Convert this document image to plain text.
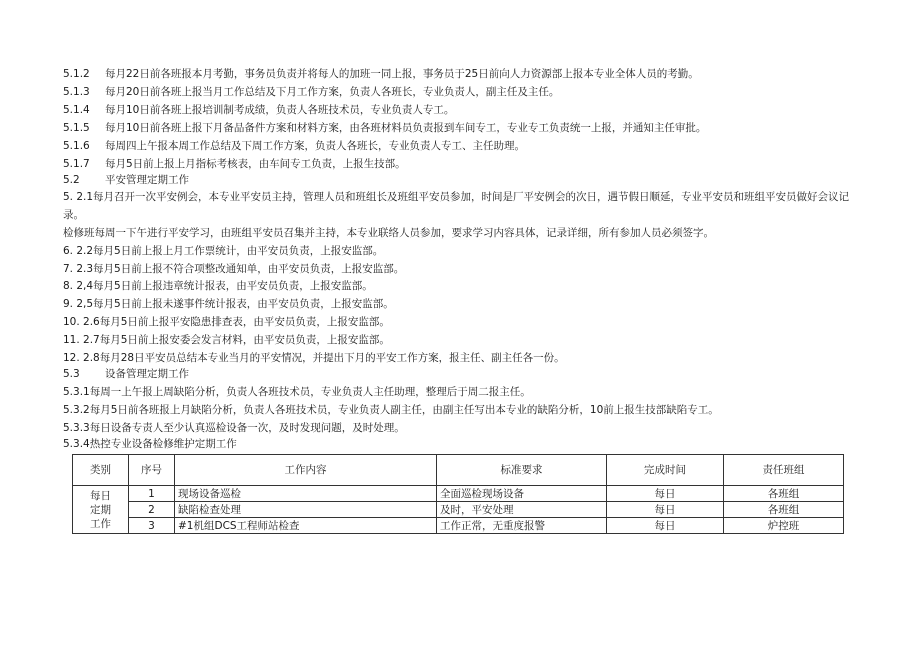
5.1.2 每月22日前各班报本月考勤，事务员负责并将每人的加班一同上报，事务员于25日前向人力资源部上报本专业全体人员的考勤。
5.1.3 每月20日前各班上报当月工作总结及下月工作方案，负责人各班长，专业负责人，副主任及主任。
5.1.4 每月10日前各班上报培训制考成绩，负责人各班技术员，专业负责人专工。
5.1.5 每月10日前各班上报下月备品备件方案和材料方案，由各班材料员负责报到车间专工，专业专工负责统一上报，并通知主任审批。
5.1.6 每周四上午报本周工作总结及下周工作方案，负责人各班长，专业负责人专工、主任助理。
5.1.7 每月5日前上报上月指标考核表，由车间专工负责，上报生技部。
5.2 平安管理定期工作
5. 2.1每月召开一次平安例会，本专业平安员主持，管理人员和班组长及班组平安员参加，时间是厂平安例会的次日，遇节假日顺延，专业平安员和班组平安员做好会议记录。
检修班每周一下午进行平安学习，由班组平安员召集并主持，本专业联络人员参加，要求学习内容具体，记录详细，所有参加人员必须签字。
6. 2.2每月5日前上报上月工作票统计，由平安员负责，上报安监部。
7. 2.3每月5日前上报不符合项整改通知单，由平安员负责，上报安监部。
8. 2,4每月5日前上报违章统计报表，由平安员负责，上报安监部。
9. 2,5每月5日前上报未遂事件统计报表，由平安员负责，上报安监部。
10. 2.6每月5日前上报平安隐患排查表，由平安员负责，上报安监部。
11. 2.7每月5日前上报安委会发言材料，由平安员负责，上报安监部。
12. 2.8每月28日平安员总结本专业当月的平安情况，并提出下月的平安工作方案，报主任、副主任各一份。
5.3 设备管理定期工作
5.3.1每周一上午报上周缺陷分析，负责人各班技术员，专业负责人主任助理，整理后于周二报主任。
5.3.2每月5日前各班报上月缺陷分析，负责人各班技术员，专业负责人副主任，由副主任写出本专业的缺陷分析，10前上报生技部缺陷专工。
5.3.3每日设备专责人至少认真巡检设备一次，及时发现问题，及时处理。
5.3.4热控专业设备检修维护定期工作
类别	序号	工作内容	标准要求	完成时间	责任班组

每日
定期
工作	1	现场设备巡检	全面巡检现场设备	每日	各班组
	2	缺陷检查处理	及时，平安处理	每日	各班组
	3	#1机组DCS工程师站检查	工作正常，无重度报警	每日	炉控班
